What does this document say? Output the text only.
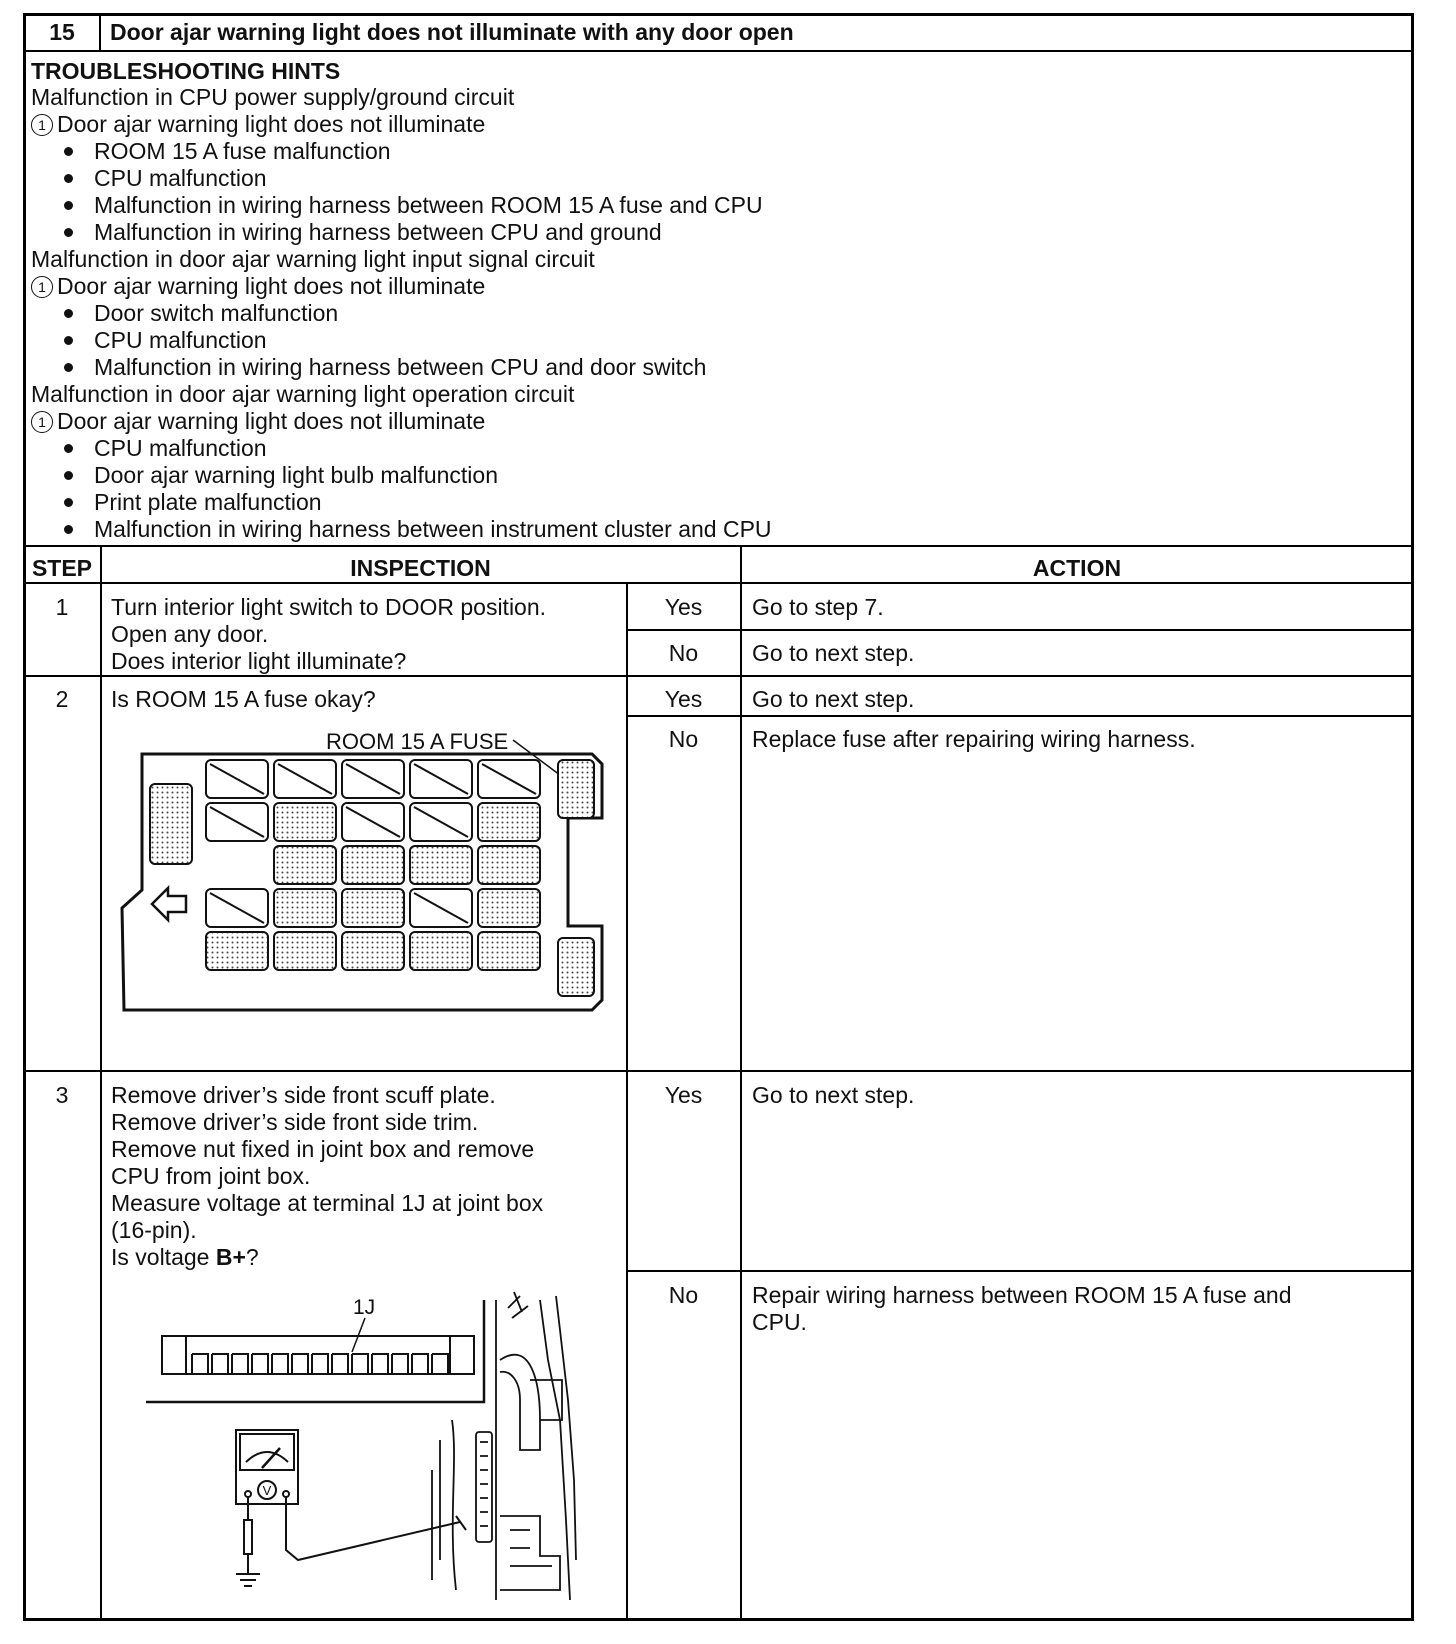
15	Door ajar warning light does not illuminate with any door open
TROUBLESHOOTING HINTS
Malfunction in CPU power supply/ground circuit
1 Door ajar warning light does not illuminate
ROOM 15 A fuse malfunction
CPU malfunction
Malfunction in wiring harness between ROOM 15 A fuse and CPU
Malfunction in wiring harness between CPU and ground
Malfunction in door ajar warning light input signal circuit
1 Door ajar warning light does not illuminate
Door switch malfunction
CPU malfunction
Malfunction in wiring harness between CPU and door switch
Malfunction in door ajar warning light operation circuit
1 Door ajar warning light does not illuminate
CPU malfunction
Door ajar warning light bulb malfunction
Print plate malfunction
Malfunction in wiring harness between instrument cluster and CPU
STEP	INSPECTION	ACTION
1	Turn interior light switch to DOOR position.
Open any door.
Does interior light illuminate?
Yes	Go to step 7.
No	Go to next step.
2	Is ROOM 15 A fuse okay?	Yes	Go to next step.
No	Replace fuse after repairing wiring harness.
ROOM 15 A FUSE
3	Remove driver’s side front scuff plate.
Remove driver’s side front side trim.
Remove nut fixed in joint box and remove
CPU from joint box.
Measure voltage at terminal 1J at joint box
(16-pin).
Is voltage B+?
Yes	Go to next step.
No	Repair wiring harness between ROOM 15 A fuse and
CPU.
1J
V
